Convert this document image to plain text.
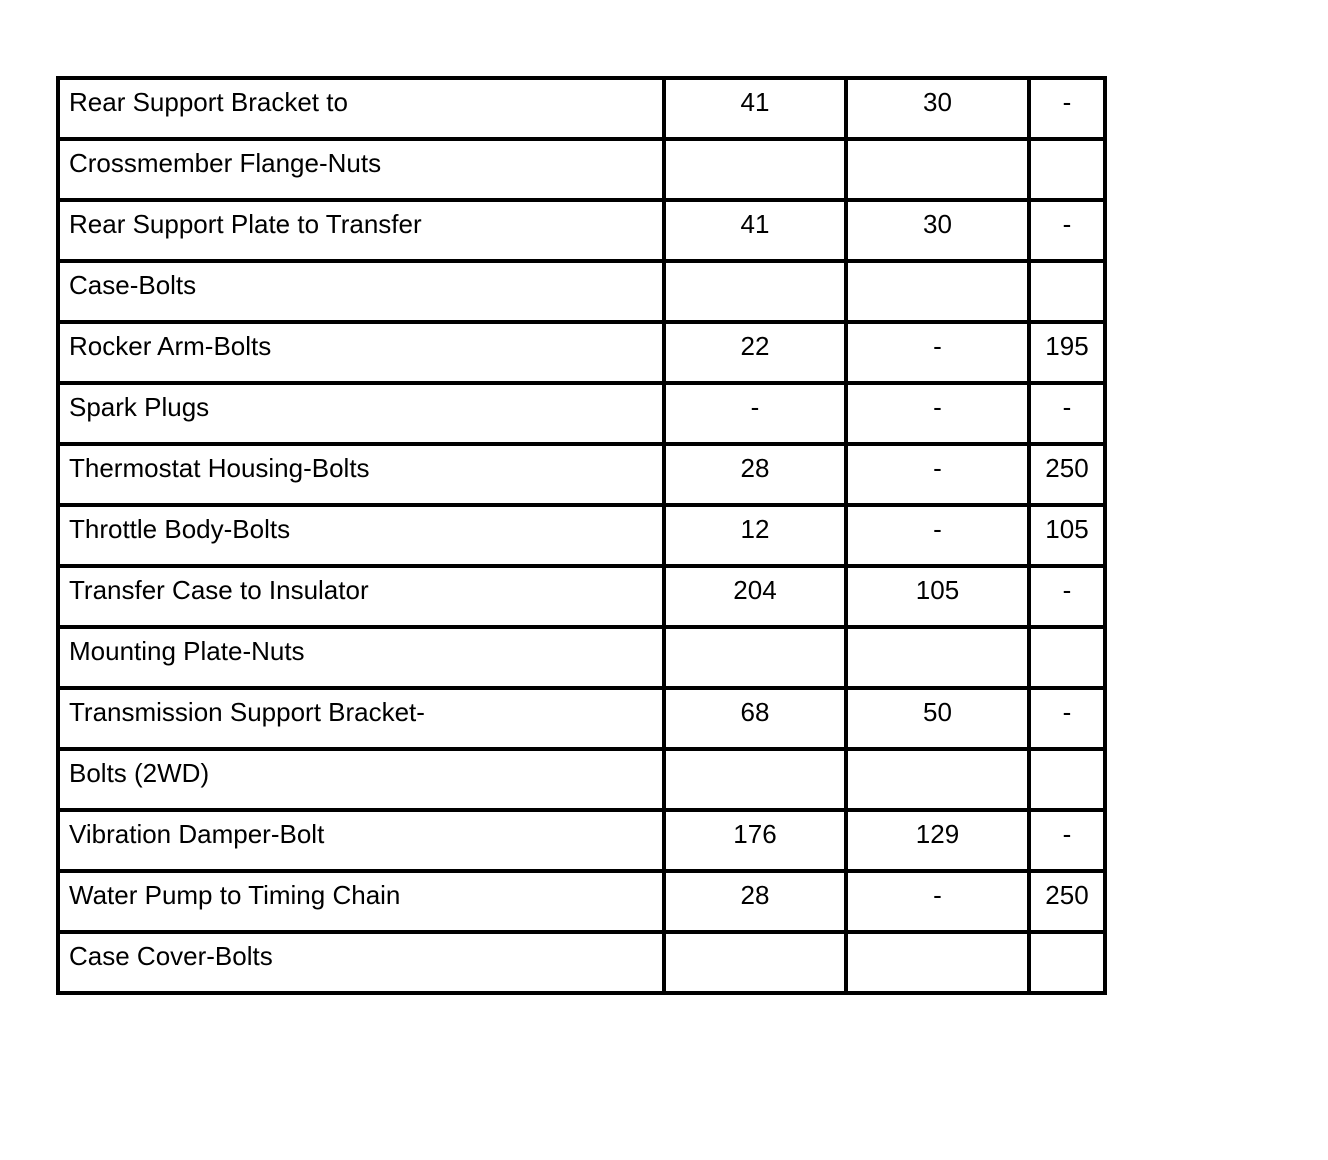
Rear Support Bracket to	41	30	-

Crossmember Flange-Nuts			

Rear Support Plate to Transfer	41	30	-

Case-Bolts			

Rocker Arm-Bolts	22	-	195

Spark Plugs	-	-	-

Thermostat Housing-Bolts	28	-	250

Throttle Body-Bolts	12	-	105

Transfer Case to Insulator	204	105	-

Mounting Plate-Nuts			

Transmission Support Bracket-	68	50	-

Bolts (2WD)			

Vibration Damper-Bolt	176	129	-

Water Pump to Timing Chain	28	-	250

Case Cover-Bolts			
